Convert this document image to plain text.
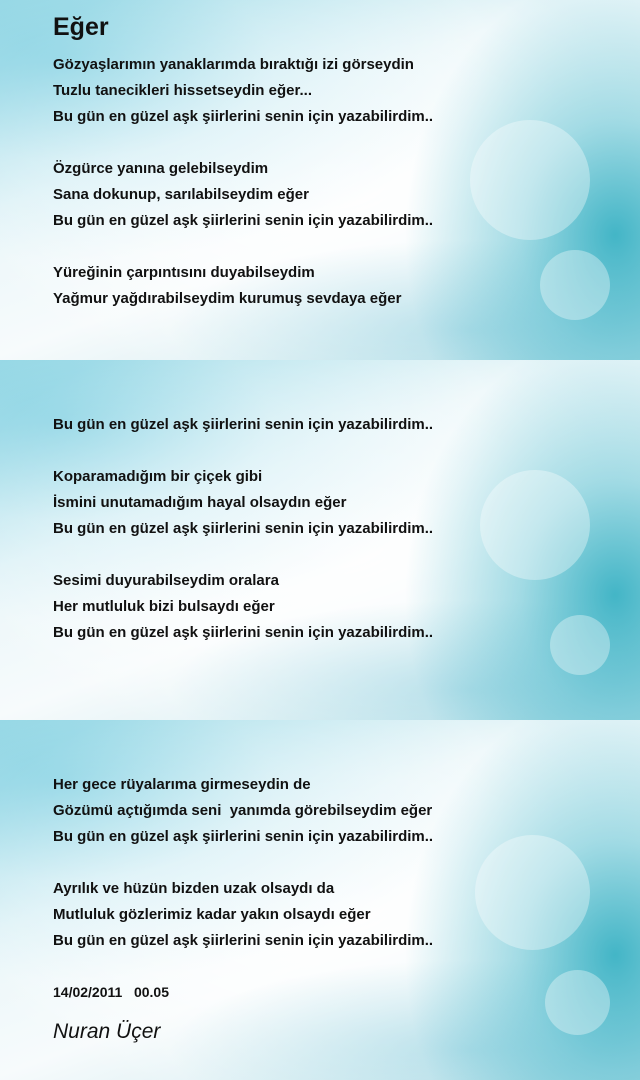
Eğer

Gözyaşlarımın yanaklarımda bıraktığı izi görseydin

Tuzlu tanecikleri hissetseydin eğer...

Bu gün en güzel aşk şiirlerini senin için yazabilirdim..

Özgürce yanına gelebilseydim

Sana dokunup, sarılabilseydim eğer

Bu gün en güzel aşk şiirlerini senin için yazabilirdim..

Yüreğinin çarpıntısını duyabilseydim

Yağmur yağdırabilseydim kurumuş sevdaya eğer

Bu gün en güzel aşk şiirlerini senin için yazabilirdim..

Koparamadığım bir çiçek gibi

İsmini unutamadığım hayal olsaydın eğer

Bu gün en güzel aşk şiirlerini senin için yazabilirdim..

Sesimi duyurabilseydim oralara

Her mutluluk bizi bulsaydı eğer

Bu gün en güzel aşk şiirlerini senin için yazabilirdim..

Her gece rüyalarıma girmeseydin de

Gözümü açtığımda seni  yanımda görebilseydim eğer

Bu gün en güzel aşk şiirlerini senin için yazabilirdim..

Ayrılık ve hüzün bizden uzak olsaydı da

Mutluluk gözlerimiz kadar yakın olsaydı eğer

Bu gün en güzel aşk şiirlerini senin için yazabilirdim..

14/02/2011   00.05
Nuran Üçer
